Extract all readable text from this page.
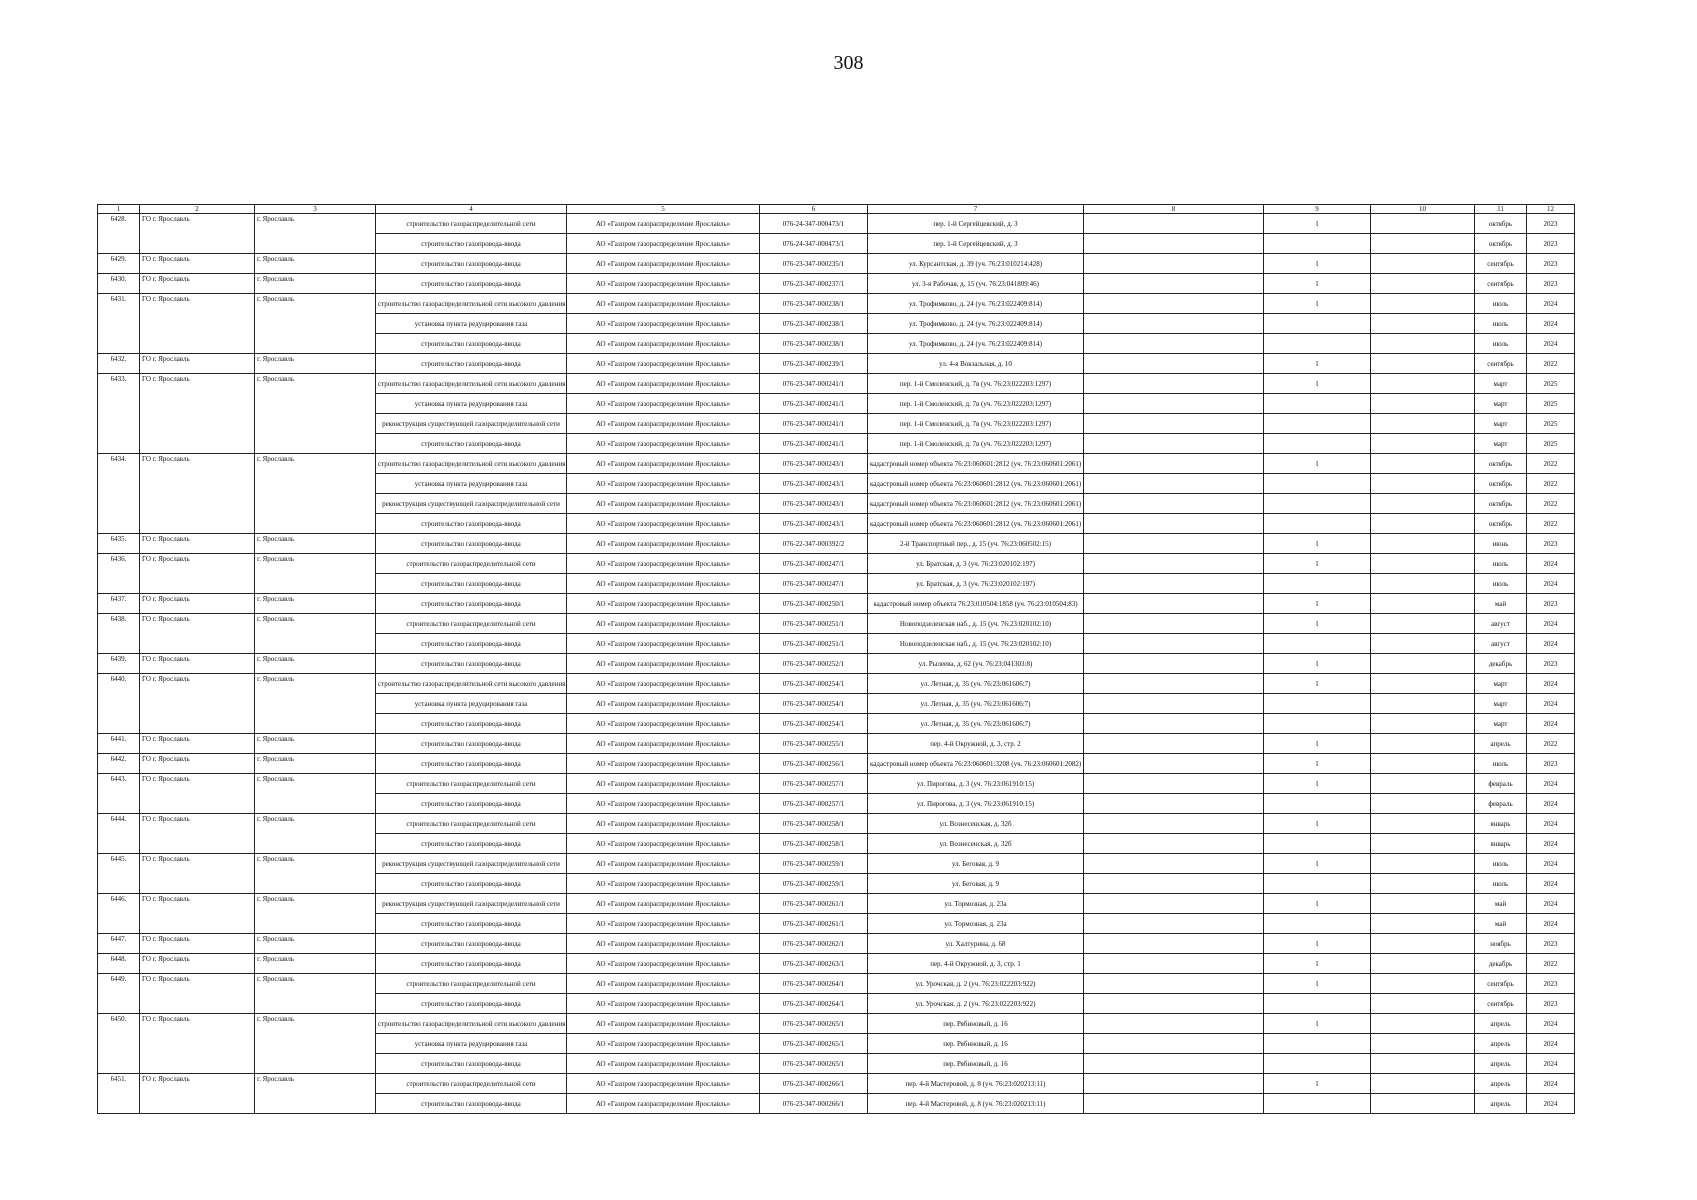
308
1	2	3	4	5	6	7	8	9	10	11	12
6428.	ГО г. Ярославль	г. Ярославль	строительство газораспределительной сети	АО «Газпром газораспределение Ярославль»	076-24-347-000473/1	пер. 1-й Сергейцевский, д. 3		1		октябрь	2023
			строительство газопровода-ввода	АО «Газпром газораспределение Ярославль»	076-24-347-000473/1	пер. 1-й Сергейцевский, д. 3				октябрь	2023
6429.	ГО г. Ярославль	г. Ярославль	строительство газопровода-ввода	АО «Газпром газораспределение Ярославль»	076-23-347-000235/1	ул. Курсантская, д. 39 (уч. 76:23:010214:428)		1		сентябрь	2023
6430.	ГО г. Ярославль	г. Ярославль	строительство газопровода-ввода	АО «Газпром газораспределение Ярославль»	076-23-347-000237/1	ул. 3-я Рабочая, д. 15 (уч. 76:23:041809:46)		1		сентябрь	2023
6431.	ГО г. Ярославль	г. Ярославль	строительство газораспределительной сети высокого давления	АО «Газпром газораспределение Ярославль»	076-23-347-000238/1	ул. Трофимково, д. 24 (уч. 76:23:022409:814)		1		июль	2024
			установка пункта редуцирования газа	АО «Газпром газораспределение Ярославль»	076-23-347-000238/1	ул. Трофимково, д. 24 (уч. 76:23:022409:814)				июль	2024
			строительство газопровода-ввода	АО «Газпром газораспределение Ярославль»	076-23-347-000238/1	ул. Трофимково, д. 24 (уч. 76:23:022409:814)				июль	2024
6432.	ГО г. Ярославль	г. Ярославль	строительство газопровода-ввода	АО «Газпром газораспределение Ярославль»	076-23-347-000239/1	ул. 4-я Вокзальная, д. 10		1		сентябрь	2022
6433.	ГО г. Ярославль	г. Ярославль	строительство газораспределительной сети высокого давления	АО «Газпром газораспределение Ярославль»	076-23-347-000241/1	пер. 1-й Смоленский, д. 7в (уч. 76:23:022203:1297)		1		март	2025
			установка пункта редуцирования газа	АО «Газпром газораспределение Ярославль»	076-23-347-000241/1	пер. 1-й Смоленский, д. 7в (уч. 76:23:022203:1297)				март	2025
			реконструкция существующей газораспределительной сети	АО «Газпром газораспределение Ярославль»	076-23-347-000241/1	пер. 1-й Смоленский, д. 7в (уч. 76:23:022203:1297)				март	2025
			строительство газопровода-ввода	АО «Газпром газораспределение Ярославль»	076-23-347-000241/1	пер. 1-й Смоленский, д. 7в (уч. 76:23:022203:1297)				март	2025
6434.	ГО г. Ярославль	г. Ярославль	строительство газораспределительной сети высокого давления	АО «Газпром газораспределение Ярославль»	076-23-347-000243/1	кадастровый номер объекта 76:23:060601:2812 (уч. 76:23:060601:2061)		1		октябрь	2022
			установка пункта редуцирования газа	АО «Газпром газораспределение Ярославль»	076-23-347-000243/1	кадастровый номер объекта 76:23:060601:2812 (уч. 76:23:060601:2061)				октябрь	2022
			реконструкция существующей газораспределительной сети	АО «Газпром газораспределение Ярославль»	076-23-347-000243/1	кадастровый номер объекта 76:23:060601:2812 (уч. 76:23:060601:2061)				октябрь	2022
			строительство газопровода-ввода	АО «Газпром газораспределение Ярославль»	076-23-347-000243/1	кадастровый номер объекта 76:23:060601:2812 (уч. 76:23:060601:2061)				октябрь	2022
6435.	ГО г. Ярославль	г. Ярославль	строительство газопровода-ввода	АО «Газпром газораспределение Ярославль»	076-22-347-000392/2	2-й Транспортный пер., д. 15 (уч. 76:23:060502:15)		1		июнь	2023
6436.	ГО г. Ярославль	г. Ярославль	строительство газораспределительной сети	АО «Газпром газораспределение Ярославль»	076-23-347-000247/1	ул. Братская, д. 3 (уч. 76:23:020102:197)		1		июль	2024
			строительство газопровода-ввода	АО «Газпром газораспределение Ярославль»	076-23-347-000247/1	ул. Братская, д. 3 (уч. 76:23:020102:197)				июль	2024
6437.	ГО г. Ярославль	г. Ярославль	строительство газопровода-ввода	АО «Газпром газораспределение Ярославль»	076-23-347-000250/1	кадастровый номер объекта 76:23:010504:1858 (уч. 76:23:010504:83)		1		май	2023
6438.	ГО г. Ярославль	г. Ярославль	строительство газораспределительной сети	АО «Газпром газораспределение Ярославль»	076-23-347-000251/1	Новоподзеленская наб., д. 15 (уч. 76:23:020102:10)		1		август	2024
			строительство газопровода-ввода	АО «Газпром газораспределение Ярославль»	076-23-347-000251/1	Новоподзеленская наб., д. 15 (уч. 76:23:020102:10)				август	2024
6439.	ГО г. Ярославль	г. Ярославль	строительство газопровода-ввода	АО «Газпром газораспределение Ярославль»	076-23-347-000252/1	ул. Рылеева, д. 62 (уч. 76:23:041303:8)		1		декабрь	2023
6440.	ГО г. Ярославль	г. Ярославль	строительство газораспределительной сети высокого давления	АО «Газпром газораспределение Ярославль»	076-23-347-000254/1	ул. Летная, д. 35 (уч. 76:23:061606:7)		1		март	2024
			установка пункта редуцирования газа	АО «Газпром газораспределение Ярославль»	076-23-347-000254/1	ул. Летная, д. 35 (уч. 76:23:061606:7)				март	2024
			строительство газопровода-ввода	АО «Газпром газораспределение Ярославль»	076-23-347-000254/1	ул. Летная, д. 35 (уч. 76:23:061606:7)				март	2024
6441.	ГО г. Ярославль	г. Ярославль	строительство газопровода-ввода	АО «Газпром газораспределение Ярославль»	076-23-347-000255/1	пер. 4-й Окружной, д. 3, стр. 2		1		апрель	2022
6442.	ГО г. Ярославль	г. Ярославль	строительство газопровода-ввода	АО «Газпром газораспределение Ярославль»	076-23-347-000256/1	кадастровый номер объекта 76:23:060601:3208 (уч. 76:23:060601:2082)		1		июль	2023
6443.	ГО г. Ярославль	г. Ярославль	строительство газораспределительной сети	АО «Газпром газораспределение Ярославль»	076-23-347-000257/1	ул. Пирогова, д. 3 (уч. 76:23:061910:15)		1		февраль	2024
			строительство газопровода-ввода	АО «Газпром газораспределение Ярославль»	076-23-347-000257/1	ул. Пирогова, д. 3 (уч. 76:23:061910:15)				февраль	2024
6444.	ГО г. Ярославль	г. Ярославль	строительство газораспределительной сети	АО «Газпром газораспределение Ярославль»	076-23-347-000258/1	ул. Вознесенская, д. 32б		1		январь	2024
			строительство газопровода-ввода	АО «Газпром газораспределение Ярославль»	076-23-347-000258/1	ул. Вознесенская, д. 32б				январь	2024
6445.	ГО г. Ярославль	г. Ярославль	реконструкция существующей газораспределительной сети	АО «Газпром газораспределение Ярославль»	076-23-347-000259/1	ул. Беговая, д. 9		1		июль	2024
			строительство газопровода-ввода	АО «Газпром газораспределение Ярославль»	076-23-347-000259/1	ул. Беговая, д. 9				июль	2024
6446.	ГО г. Ярославль	г. Ярославль	реконструкция существующей газораспределительной сети	АО «Газпром газораспределение Ярославль»	076-23-347-000261/1	ул. Тормозная, д. 23а		1		май	2024
			строительство газопровода-ввода	АО «Газпром газораспределение Ярославль»	076-23-347-000261/1	ул. Тормозная, д. 23а				май	2024
6447.	ГО г. Ярославль	г. Ярославль	строительство газопровода-ввода	АО «Газпром газораспределение Ярославль»	076-23-347-000262/1	ул. Халтурина, д. 68		1		ноябрь	2023
6448.	ГО г. Ярославль	г. Ярославль	строительство газопровода-ввода	АО «Газпром газораспределение Ярославль»	076-23-347-000263/1	пер. 4-й Окружной, д. 3, стр. 1		1		декабрь	2022
6449.	ГО г. Ярославль	г. Ярославль	строительство газораспределительной сети	АО «Газпром газораспределение Ярославль»	076-23-347-000264/1	ул. Урочская, д. 2 (уч. 76:23:022203:922)		1		сентябрь	2023
			строительство газопровода-ввода	АО «Газпром газораспределение Ярославль»	076-23-347-000264/1	ул. Урочская, д. 2 (уч. 76:23:022203:922)				сентябрь	2023
6450.	ГО г. Ярославль	г. Ярославль	строительство газораспределительной сети высокого давления	АО «Газпром газораспределение Ярославль»	076-23-347-000265/1	пер. Рябиновый, д. 16		1		апрель	2024
			установка пункта редуцирования газа	АО «Газпром газораспределение Ярославль»	076-23-347-000265/1	пер. Рябиновый, д. 16				апрель	2024
			строительство газопровода-ввода	АО «Газпром газораспределение Ярославль»	076-23-347-000265/1	пер. Рябиновый, д. 16				апрель	2024
6451.	ГО г. Ярославль	г. Ярославль	строительство газораспределительной сети	АО «Газпром газораспределение Ярославль»	076-23-347-000266/1	пер. 4-й Мастеровой, д. 8 (уч. 76:23:020213:11)		1		апрель	2024
			строительство газопровода-ввода	АО «Газпром газораспределение Ярославль»	076-23-347-000266/1	пер. 4-й Мастеровой, д. 8 (уч. 76:23:020213:11)				апрель	2024
